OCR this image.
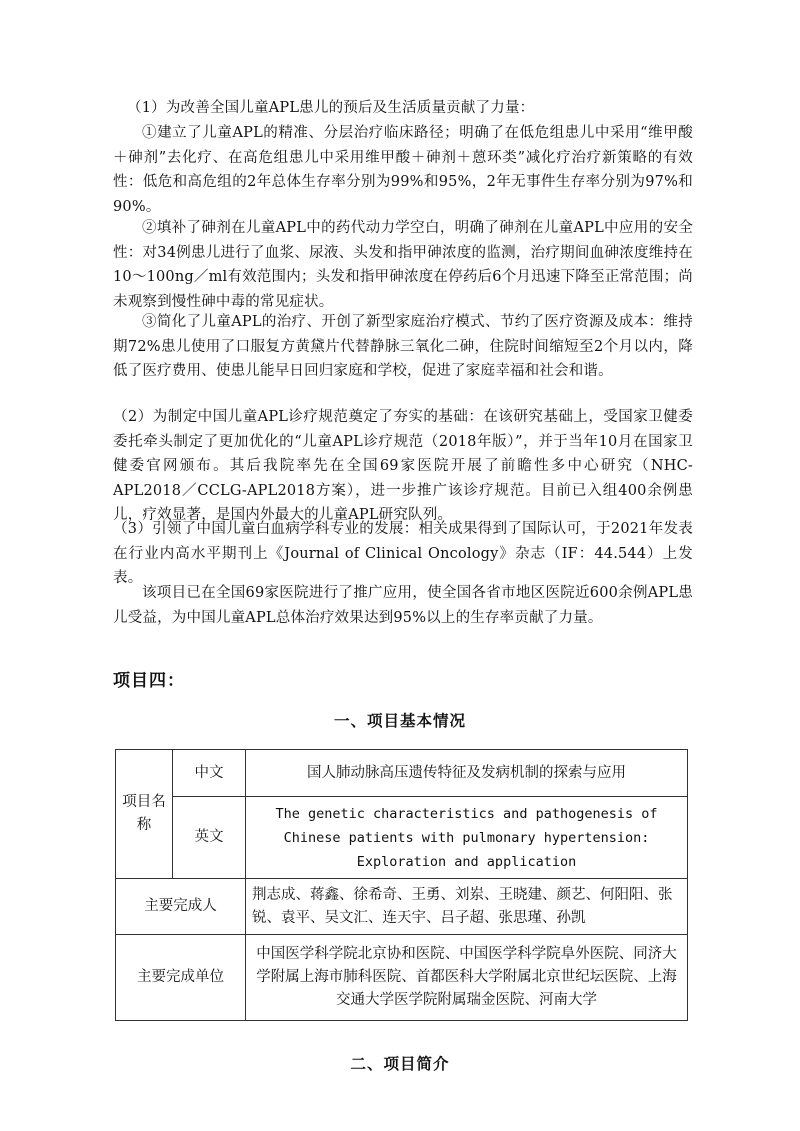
（1）为改善全国儿童APL患儿的预后及生活质量贡献了力量：

①建立了儿童APL的精准、分层治疗临床路径；明确了在低危组患儿中采用“维甲酸＋砷剂”去化疗、在高危组患儿中采用维甲酸＋砷剂＋蒽环类”减化疗治疗新策略的有效性：低危和高危组的2年总体生存率分别为99%和95%，2年无事件生存率分别为97%和90%。

②填补了砷剂在儿童APL中的药代动力学空白，明确了砷剂在儿童APL中应用的安全性：对34例患儿进行了血浆、尿液、头发和指甲砷浓度的监测，治疗期间血砷浓度维持在10～100ng／ml有效范围内；头发和指甲砷浓度在停药后6个月迅速下降至正常范围；尚未观察到慢性砷中毒的常见症状。

③简化了儿童APL的治疗、开创了新型家庭治疗模式、节约了医疗资源及成本：维持期72%患儿使用了口服复方黄黛片代替静脉三氧化二砷，住院时间缩短至2个月以内，降低了医疗费用、使患儿能早日回归家庭和学校，促进了家庭幸福和社会和谐。

（2）为制定中国儿童APL诊疗规范奠定了夯实的基础：在该研究基础上，受国家卫健委委托牵头制定了更加优化的“儿童APL诊疗规范（2018年版）”，并于当年10月在国家卫健委官网颁布。其后我院率先在全国69家医院开展了前瞻性多中心研究（NHC-APL2018／CCLG-APL2018方案），进一步推广该诊疗规范。目前已入组400余例患儿，疗效显著，是国内外最大的儿童APL研究队列。

（3）引领了中国儿童白血病学科专业的发展：相关成果得到了国际认可，于2021年发表在行业内高水平期刊上《Journal of Clinical Oncology》杂志（IF：44.544）上发表。

该项目已在全国69家医院进行了推广应用，使全国各省市地区医院近600余例APL患儿受益，为中国儿童APL总体治疗效果达到95%以上的生存率贡献了力量。

项目四：
一、项目基本情况
项目名称	中文	国人肺动脉高压遗传特征及发病机制的探索与应用
	英文	The genetic characteristics and pathogenesis of Chinese patients with pulmonary hypertension: Exploration and application
主要完成人		荆志成、蒋鑫、徐希奇、王勇、刘岽、王晓建、颜艺、何阳阳、张锐、袁平、吴文汇、连天宇、吕子超、张思瑾、孙凯
主要完成单位		中国医学科学院北京协和医院、中国医学科学院阜外医院、同济大学附属上海市肺科医院、首都医科大学附属北京世纪坛医院、上海交通大学医学院附属瑞金医院、河南大学
二、项目简介
